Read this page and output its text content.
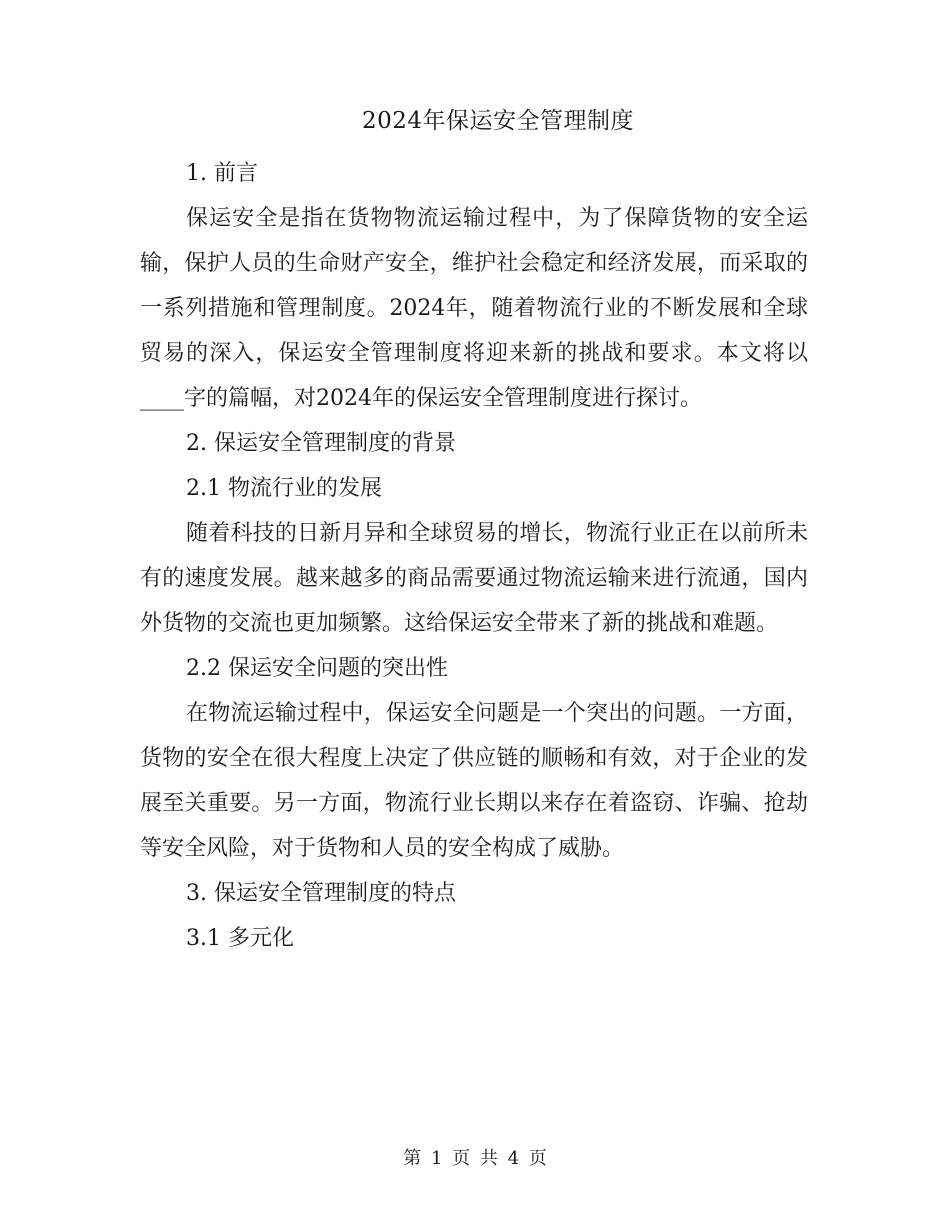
2024年保运安全管理制度

1. 前言

保运安全是指在货物物流运输过程中，为了保障货物的安全运输，保护人员的生命财产安全，维护社会稳定和经济发展，而采取的一系列措施和管理制度。2024年，随着物流行业的不断发展和全球贸易的深入，保运安全管理制度将迎来新的挑战和要求。本文将以____字的篇幅，对2024年的保运安全管理制度进行探讨。

2. 保运安全管理制度的背景

2.1 物流行业的发展

随着科技的日新月异和全球贸易的增长，物流行业正在以前所未有的速度发展。越来越多的商品需要通过物流运输来进行流通，国内外货物的交流也更加频繁。这给保运安全带来了新的挑战和难题。

2.2 保运安全问题的突出性

在物流运输过程中，保运安全问题是一个突出的问题。一方面，货物的安全在很大程度上决定了供应链的顺畅和有效，对于企业的发展至关重要。另一方面，物流行业长期以来存在着盗窃、诈骗、抢劫等安全风险，对于货物和人员的安全构成了威胁。

3. 保运安全管理制度的特点

3.1 多元化

第 1 页 共 4 页
